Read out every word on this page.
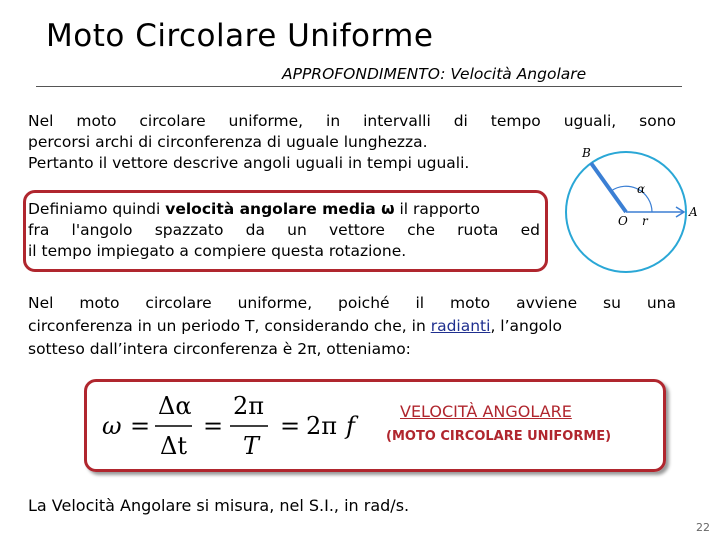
Moto Circolare Uniforme
APPROFONDIMENTO: Velocità Angolare
Nel moto circolare uniforme, in intervalli di tempo uguali, sono
percorsi archi di circonferenza di uguale lunghezza.
Pertanto il vettore descrive angoli uguali in tempi uguali.
B
A
O r
α
Definiamo quindi velocità angolare media ω il rapporto
fra l'angolo spazzato da un vettore che ruota ed
il tempo impiegato a compiere questa rotazione.
Nel moto circolare uniforme, poiché il moto avviene su una
circonferenza in un periodo T, considerando che, in radianti, l’angolo
sotteso dall’intera circonferenza è 2π, otteniamo:
ω =
Δα
Δt
=
2π
T
= 2π f
VELOCITÀ ANGOLARE
(MOTO CIRCOLARE UNIFORME)
La Velocità Angolare si misura, nel S.I., in rad/s.
22
